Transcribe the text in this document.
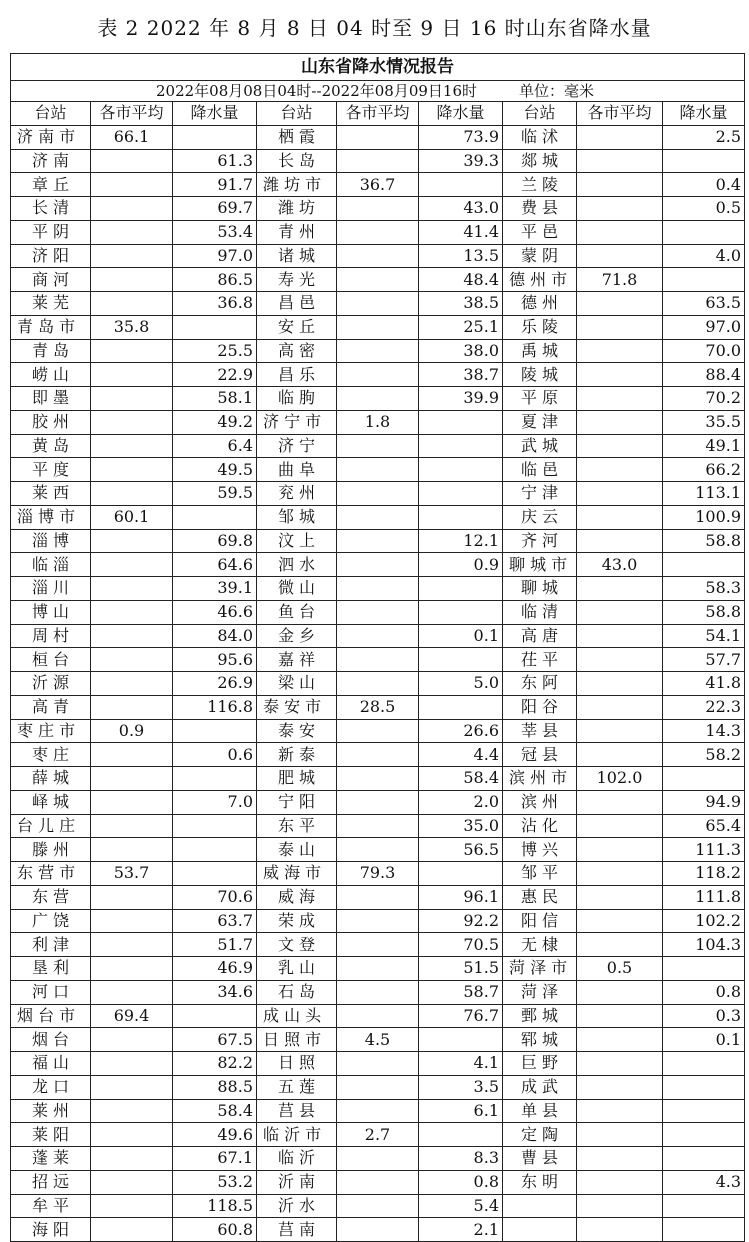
表 2 2022 年 8 月 8 日 04 时至 9 日 16 时山东省降水量
山东省降水情况报告								
2022年08月08日04时--2022年08月09日16时 单位：毫米								
台站	各市平均	降水量	台站	各市平均	降水量	台站	各市平均	降水量
济 南 市	66.1		栖 霞		73.9	临 沭		2.5
济 南		61.3	长 岛		39.3	郯 城		
章 丘		91.7	潍 坊 市	36.7		兰 陵		0.4
长 清		69.7	潍 坊		43.0	费 县		0.5
平 阴		53.4	青 州		41.4	平 邑		
济 阳		97.0	诸 城		13.5	蒙 阴		4.0
商 河		86.5	寿 光		48.4	德 州 市	71.8	
莱 芜		36.8	昌 邑		38.5	德 州		63.5
青 岛 市	35.8		安 丘		25.1	乐 陵		97.0
青 岛		25.5	高 密		38.0	禹 城		70.0
崂 山		22.9	昌 乐		38.7	陵 城		88.4
即 墨		58.1	临 朐		39.9	平 原		70.2
胶 州		49.2	济 宁 市	1.8		夏 津		35.5
黄 岛		6.4	济 宁			武 城		49.1
平 度		49.5	曲 阜			临 邑		66.2
莱 西		59.5	兖 州			宁 津		113.1
淄 博 市	60.1		邹 城			庆 云		100.9
淄 博		69.8	汶 上		12.1	齐 河		58.8
临 淄		64.6	泗 水		0.9	聊 城 市	43.0	
淄 川		39.1	微 山			聊 城		58.3
博 山		46.6	鱼 台			临 清		58.8
周 村		84.0	金 乡		0.1	高 唐		54.1
桓 台		95.6	嘉 祥			茌 平		57.7
沂 源		26.9	梁 山		5.0	东 阿		41.8
高 青		116.8	泰 安 市	28.5		阳 谷		22.3
枣 庄 市	0.9		泰 安		26.6	莘 县		14.3
枣 庄		0.6	新 泰		4.4	冠 县		58.2
薛 城			肥 城		58.4	滨 州 市	102.0	
峄 城		7.0	宁 阳		2.0	滨 州		94.9
台 儿 庄			东 平		35.0	沾 化		65.4
滕 州			泰 山		56.5	博 兴		111.3
东 营 市	53.7		威 海 市	79.3		邹 平		118.2
东 营		70.6	威 海		96.1	惠 民		111.8
广 饶		63.7	荣 成		92.2	阳 信		102.2
利 津		51.7	文 登		70.5	无 棣		104.3
垦 利		46.9	乳 山		51.5	菏 泽 市	0.5	
河 口		34.6	石 岛		58.7	菏 泽		0.8
烟 台 市	69.4		成 山 头		76.7	鄄 城		0.3
烟 台		67.5	日 照 市	4.5		郓 城		0.1
福 山		82.2	日 照		4.1	巨 野		
龙 口		88.5	五 莲		3.5	成 武		
莱 州		58.4	莒 县		6.1	单 县		
莱 阳		49.6	临 沂 市	2.7		定 陶		
蓬 莱		67.1	临 沂		8.3	曹 县		
招 远		53.2	沂 南		0.8	东 明		4.3
牟 平		118.5	沂 水		5.4			
海 阳		60.8	莒 南		2.1			
